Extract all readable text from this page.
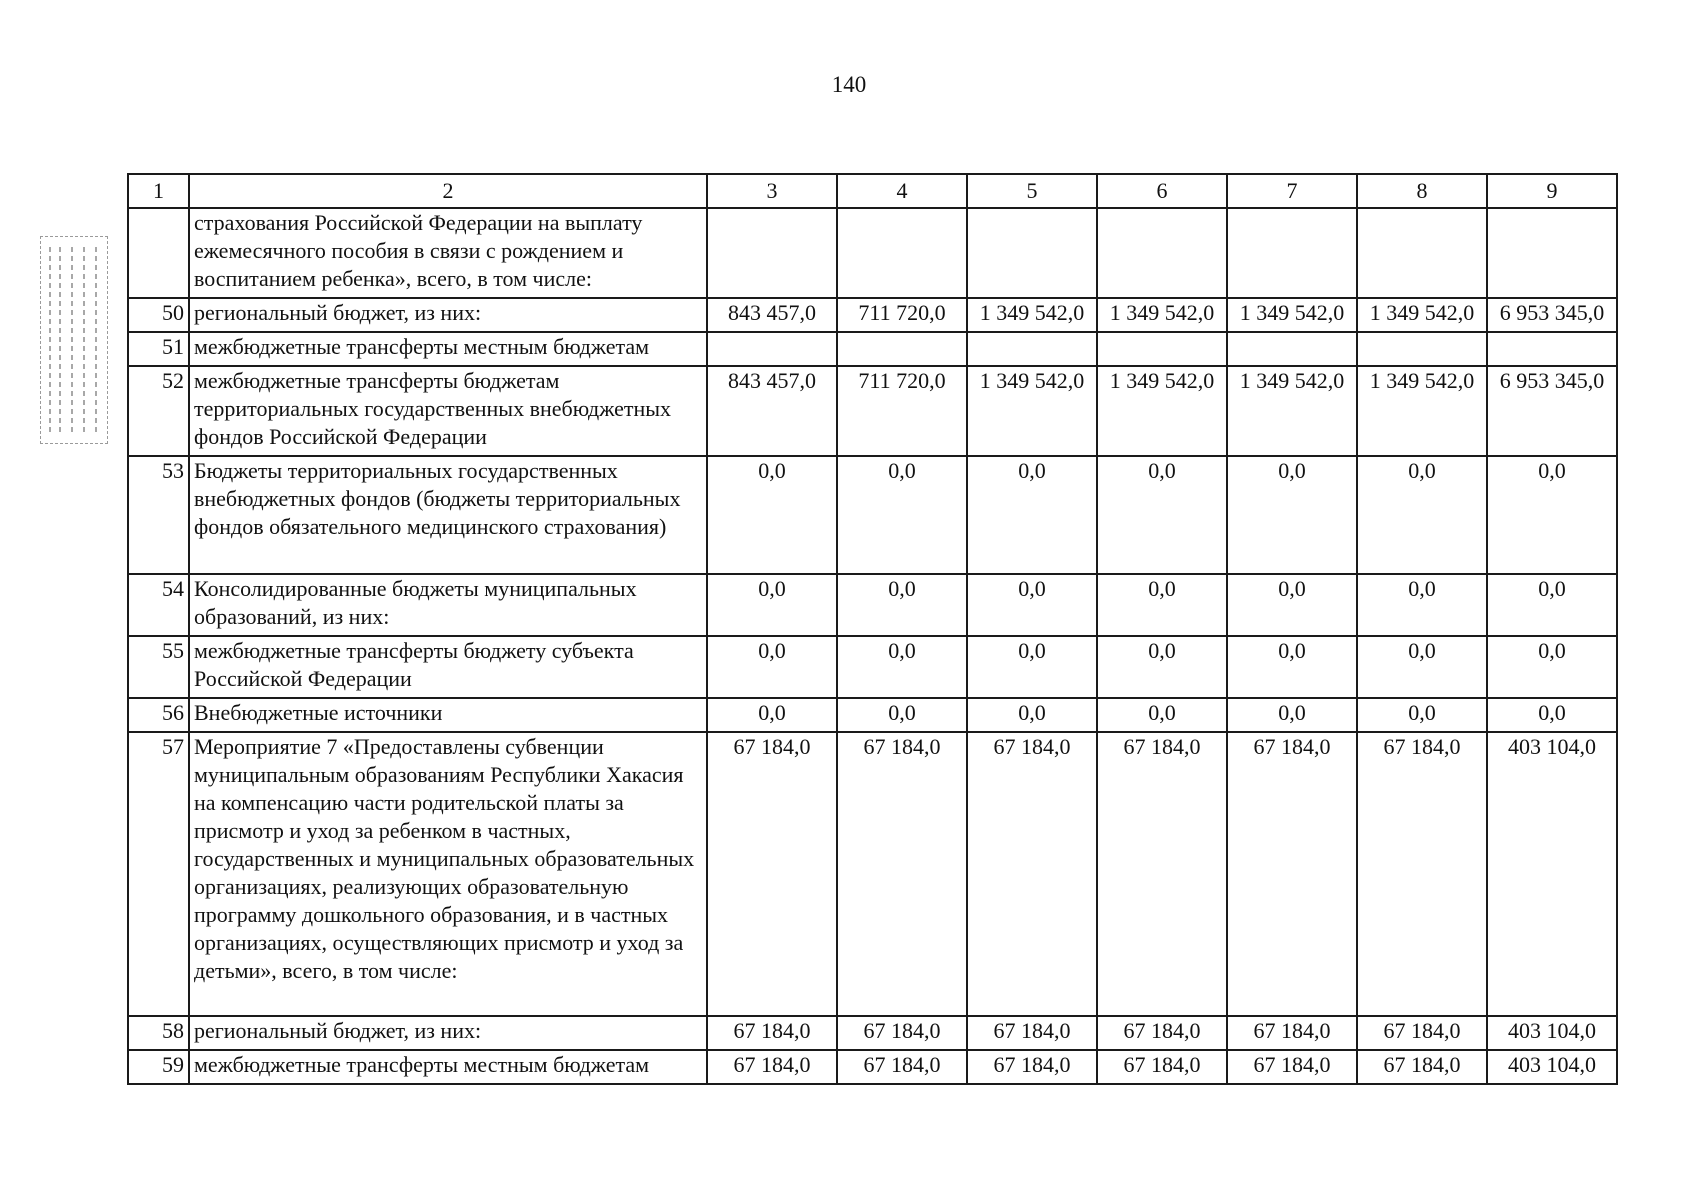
140
1	2	3	4	5	6	7	8	9
	страхования Российской Федерации на выплату ежемесячного пособия в связи с рождением и воспитанием ребенка», всего, в том числе:							
50	региональный бюджет, из них:	843 457,0	711 720,0	1 349 542,0	1 349 542,0	1 349 542,0	1 349 542,0	6 953 345,0
51	межбюджетные трансферты местным бюджетам							
52	межбюджетные трансферты бюджетам территориальных государственных внебюджетных фондов Российской Федерации	843 457,0	711 720,0	1 349 542,0	1 349 542,0	1 349 542,0	1 349 542,0	6 953 345,0
53	Бюджеты территориальных государственных внебюджетных фондов (бюджеты территориальных фондов обязательного медицинского страхования)	0,0	0,0	0,0	0,0	0,0	0,0	0,0
54	Консолидированные бюджеты муниципальных образований, из них:	0,0	0,0	0,0	0,0	0,0	0,0	0,0
55	межбюджетные трансферты бюджету субъекта Российской Федерации	0,0	0,0	0,0	0,0	0,0	0,0	0,0
56	Внебюджетные источники	0,0	0,0	0,0	0,0	0,0	0,0	0,0
57	Мероприятие 7 «Предоставлены субвенции муниципальным образованиям Республики Хакасия на компенсацию части родительской платы за присмотр и уход за ребенком в частных, государственных и муниципальных образовательных организациях, реализующих образовательную программу дошкольного образования, и в частных организациях, осуществляющих присмотр и уход за детьми», всего, в том числе:	67 184,0	67 184,0	67 184,0	67 184,0	67 184,0	67 184,0	403 104,0
58	региональный бюджет, из них:	67 184,0	67 184,0	67 184,0	67 184,0	67 184,0	67 184,0	403 104,0
59	межбюджетные трансферты местным бюджетам	67 184,0	67 184,0	67 184,0	67 184,0	67 184,0	67 184,0	403 104,0
